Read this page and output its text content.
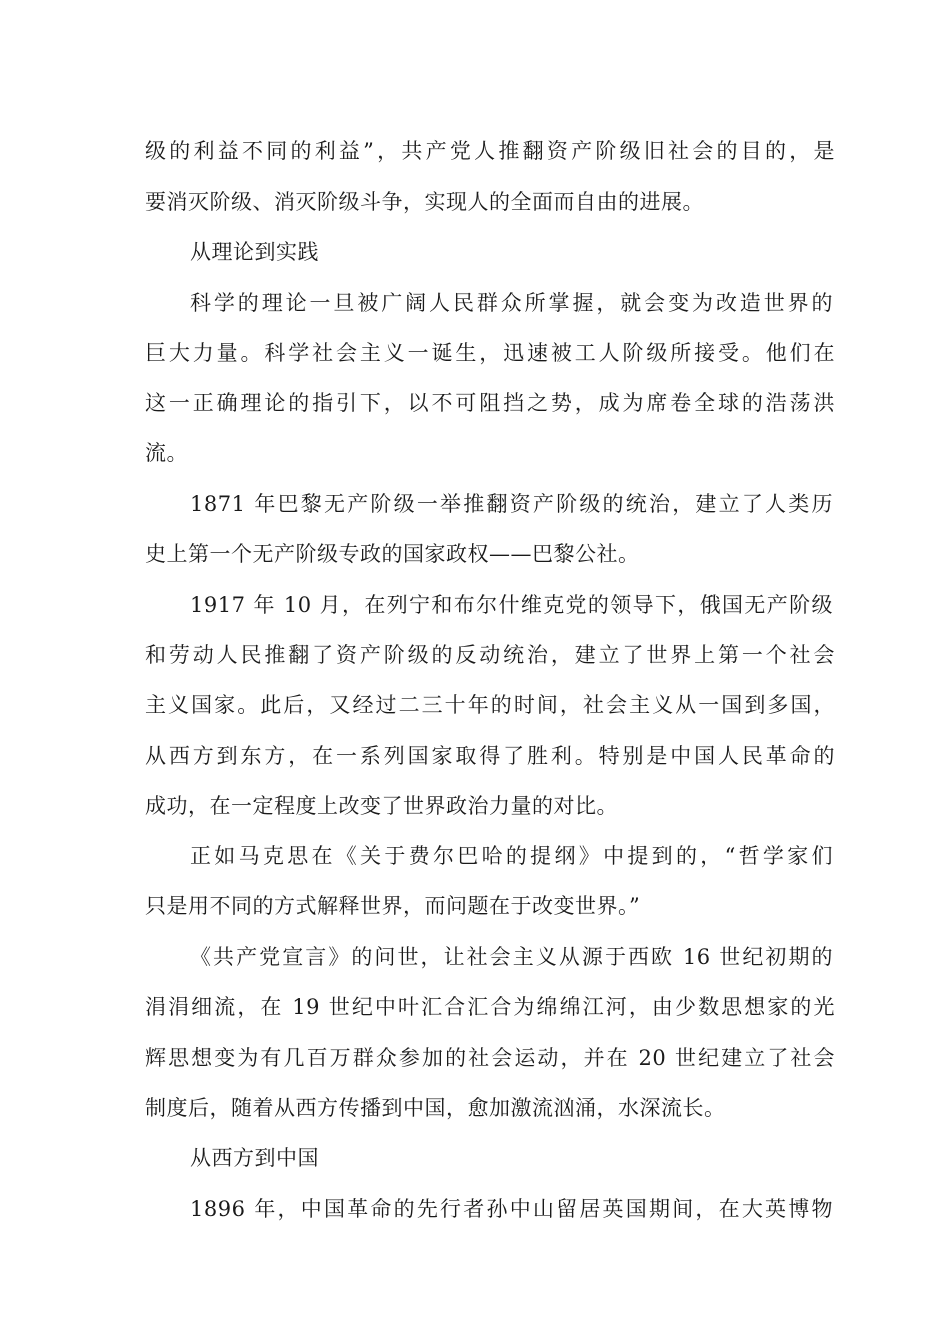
级的利益不同的利益”，共产党人推翻资产阶级旧社会的目的，是
要消灭阶级、消灭阶级斗争，实现人的全面而自由的进展。
从理论到实践
科学的理论一旦被广阔人民群众所掌握，就会变为改造世界的
巨大力量。科学社会主义一诞生，迅速被工人阶级所接受。他们在
这一正确理论的指引下，以不可阻挡之势，成为席卷全球的浩荡洪
流。
1871 年巴黎无产阶级一举推翻资产阶级的统治，建立了人类历
史上第一个无产阶级专政的国家政权——巴黎公社。
1917 年 10 月，在列宁和布尔什维克党的领导下，俄国无产阶级
和劳动人民推翻了资产阶级的反动统治，建立了世界上第一个社会
主义国家。此后，又经过二三十年的时间，社会主义从一国到多国，
从西方到东方，在一系列国家取得了胜利。特别是中国人民革命的
成功，在一定程度上改变了世界政治力量的对比。
正如马克思在《关于费尔巴哈的提纲》中提到的，“哲学家们
只是用不同的方式解释世界，而问题在于改变世界。”
《共产党宣言》的问世，让社会主义从源于西欧 16 世纪初期的
涓涓细流，在 19 世纪中叶汇合汇合为绵绵江河，由少数思想家的光
辉思想变为有几百万群众参加的社会运动，并在 20 世纪建立了社会
制度后，随着从西方传播到中国，愈加激流汹涌，水深流长。
从西方到中国
1896 年，中国革命的先行者孙中山留居英国期间，在大英博物
